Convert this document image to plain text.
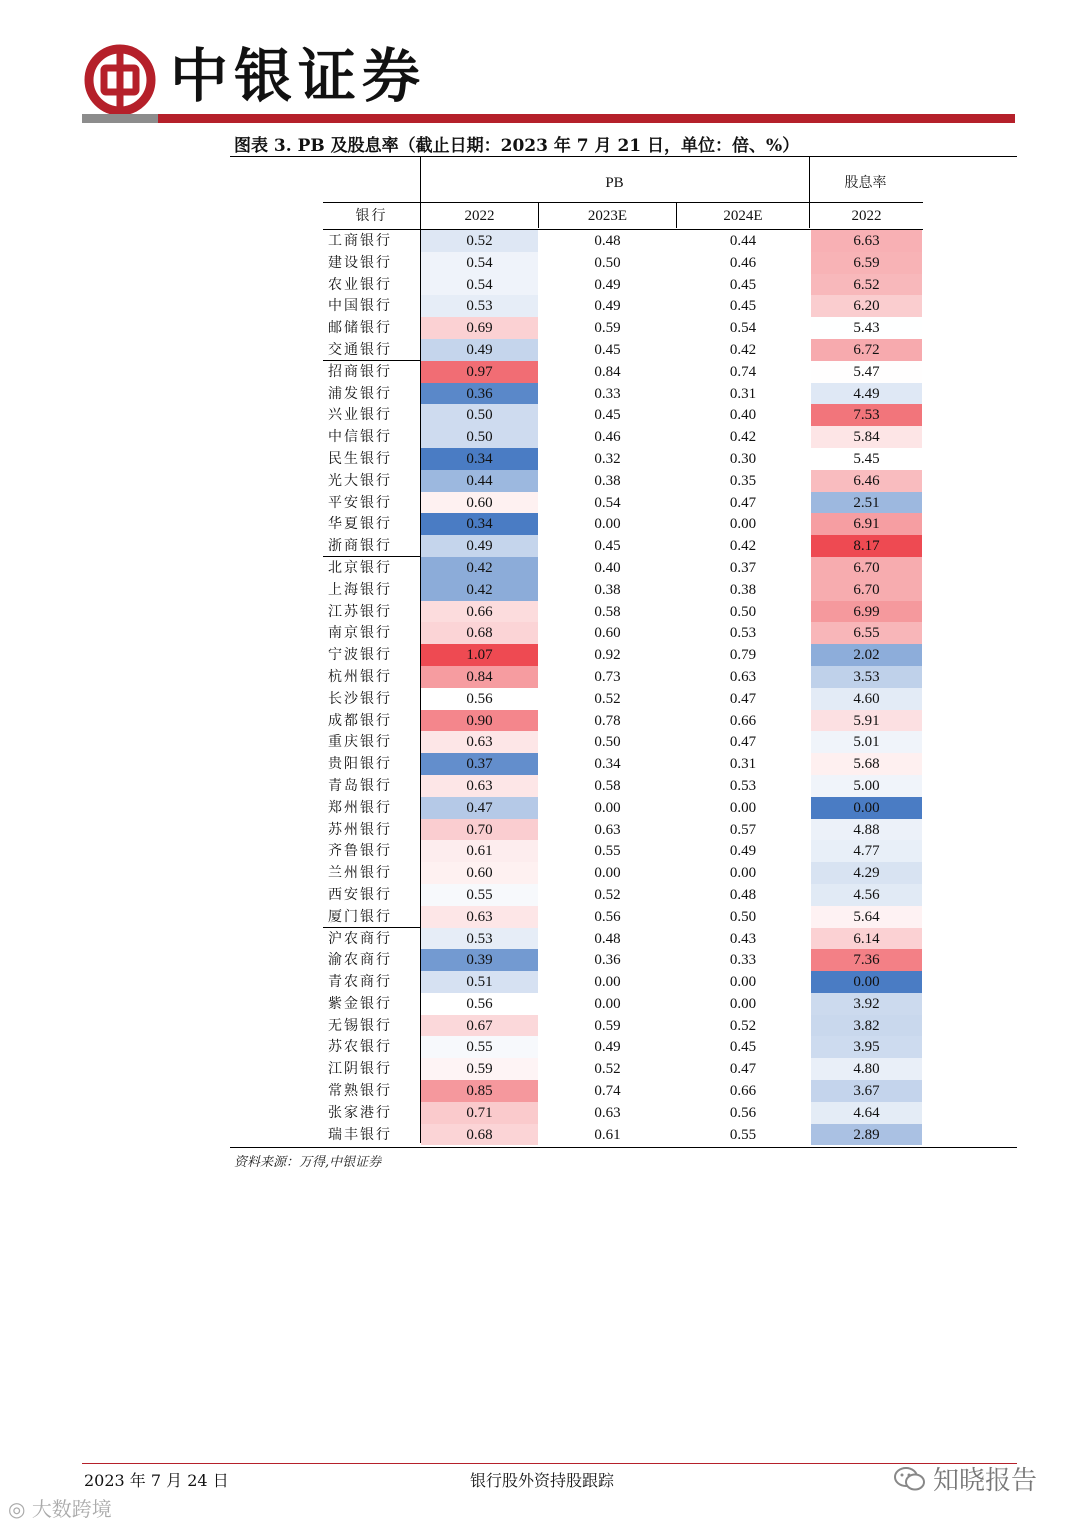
中银证券
图表 3. PB 及股息率（截止日期：2023 年 7 月 21 日，单位：倍、%）
PB	股息率
银行	2022	2023E	2024E	2022
工商银行	0.52	0.48	0.44	6.63
建设银行	0.54	0.50	0.46	6.59
农业银行	0.54	0.49	0.45	6.52
中国银行	0.53	0.49	0.45	6.20
邮储银行	0.69	0.59	0.54	5.43
交通银行	0.49	0.45	0.42	6.72
招商银行	0.97	0.84	0.74	5.47
浦发银行	0.36	0.33	0.31	4.49
兴业银行	0.50	0.45	0.40	7.53
中信银行	0.50	0.46	0.42	5.84
民生银行	0.34	0.32	0.30	5.45
光大银行	0.44	0.38	0.35	6.46
平安银行	0.60	0.54	0.47	2.51
华夏银行	0.34	0.00	0.00	6.91
浙商银行	0.49	0.45	0.42	8.17
北京银行	0.42	0.40	0.37	6.70
上海银行	0.42	0.38	0.38	6.70
江苏银行	0.66	0.58	0.50	6.99
南京银行	0.68	0.60	0.53	6.55
宁波银行	1.07	0.92	0.79	2.02
杭州银行	0.84	0.73	0.63	3.53
长沙银行	0.56	0.52	0.47	4.60
成都银行	0.90	0.78	0.66	5.91
重庆银行	0.63	0.50	0.47	5.01
贵阳银行	0.37	0.34	0.31	5.68
青岛银行	0.63	0.58	0.53	5.00
郑州银行	0.47	0.00	0.00	0.00
苏州银行	0.70	0.63	0.57	4.88
齐鲁银行	0.61	0.55	0.49	4.77
兰州银行	0.60	0.00	0.00	4.29
西安银行	0.55	0.52	0.48	4.56
厦门银行	0.63	0.56	0.50	5.64
沪农商行	0.53	0.48	0.43	6.14
渝农商行	0.39	0.36	0.33	7.36
青农商行	0.51	0.00	0.00	0.00
紫金银行	0.56	0.00	0.00	3.92
无锡银行	0.67	0.59	0.52	3.82
苏农银行	0.55	0.49	0.45	3.95
江阴银行	0.59	0.52	0.47	4.80
常熟银行	0.85	0.74	0.66	3.67
张家港行	0.71	0.63	0.56	4.64
瑞丰银行	0.68	0.61	0.55	2.89
资料来源：万得,中银证券
2023 年 7 月 24 日	银行股外资持股跟踪	知晓报告
◎ 大数跨境
